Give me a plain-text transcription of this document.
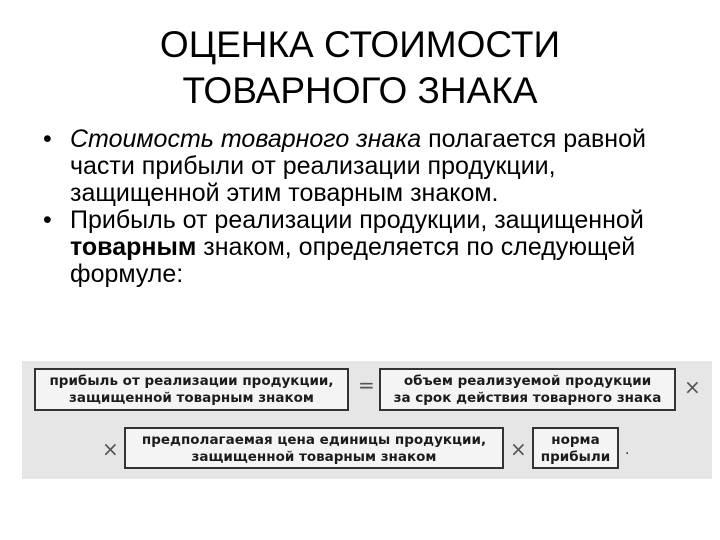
ОЦЕНКА СТОИМОСТИ
ТОВАРНОГО ЗНАКА
• Стоимость товарного знака полагается равной части прибыли от реализации продукции, защищенной этим товарным знаком.
• Прибыль от реализации продукции, защищенной товарным знаком, определяется по следующей формуле:
прибыль от реализации продукции,
защищенной товарным знаком
=	объем реализуемой продукции
за срок действия товарного знака	×
×	предполагаемая цена единицы продукции,
защищенной товарным знаком	×	норма
прибыли .
